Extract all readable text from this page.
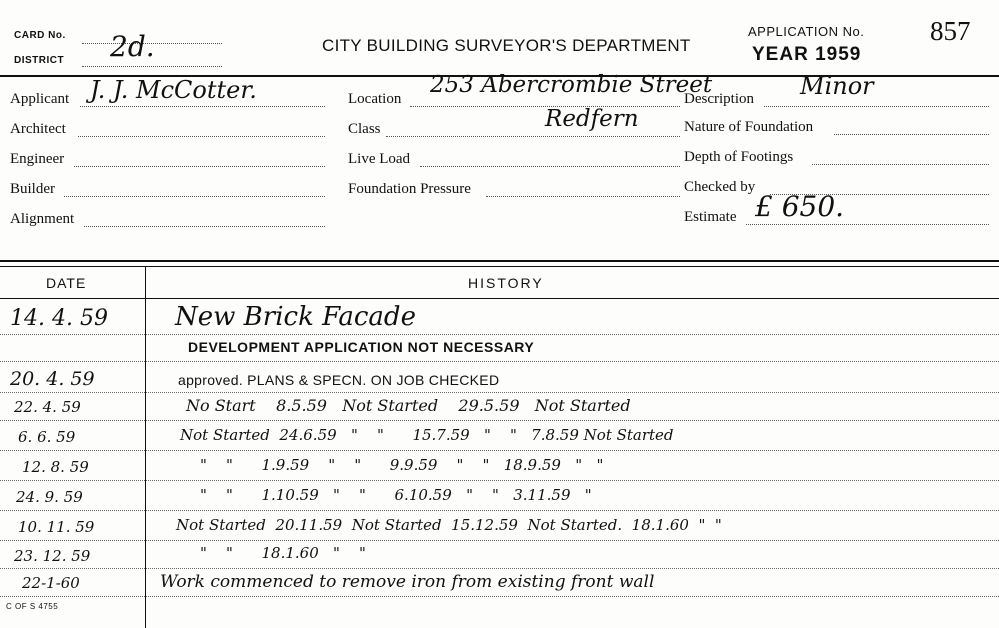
CARD No.
DISTRICT 2d.	CITY BUILDING SURVEYOR'S DEPARTMENT
APPLICATION No. 857
YEAR 1959
Applicant J. J. McCotter.
Architect
Engineer
Builder
Alignment
Location
253 Abercrombie Street
Redfern
Class
Live Load
Foundation Pressure
Description Minor
Nature of Foundation
Depth of Footings
Checked by
Estimate £ 650.
DATE	HISTORY
14. 4. 59	New Brick Facade
DEVELOPMENT APPLICATION NOT NECESSARY
20. 4. 59	approved. PLANS & SPECN. ON JOB CHECKED
22. 4. 59	No Start    8.5.59   Not Started    29.5.59   Not Started
6. 6. 59	Not Started  24.6.59   "    "      15.7.59   "    "   7.8.59 Not Started
12. 8. 59	"    "      1.9.59    "    "      9.9.59    "    "   18.9.59   "   "
24. 9. 59	"    "      1.10.59   "    "      6.10.59   "    "   3.11.59   "
10. 11. 59	Not Started  20.11.59  Not Started  15.12.59  Not Started.  18.1.60  "  "
23. 12. 59	"    "      18.1.60   "    "
22-1-60	Work commenced to remove iron from existing front wall
C OF S 4755
